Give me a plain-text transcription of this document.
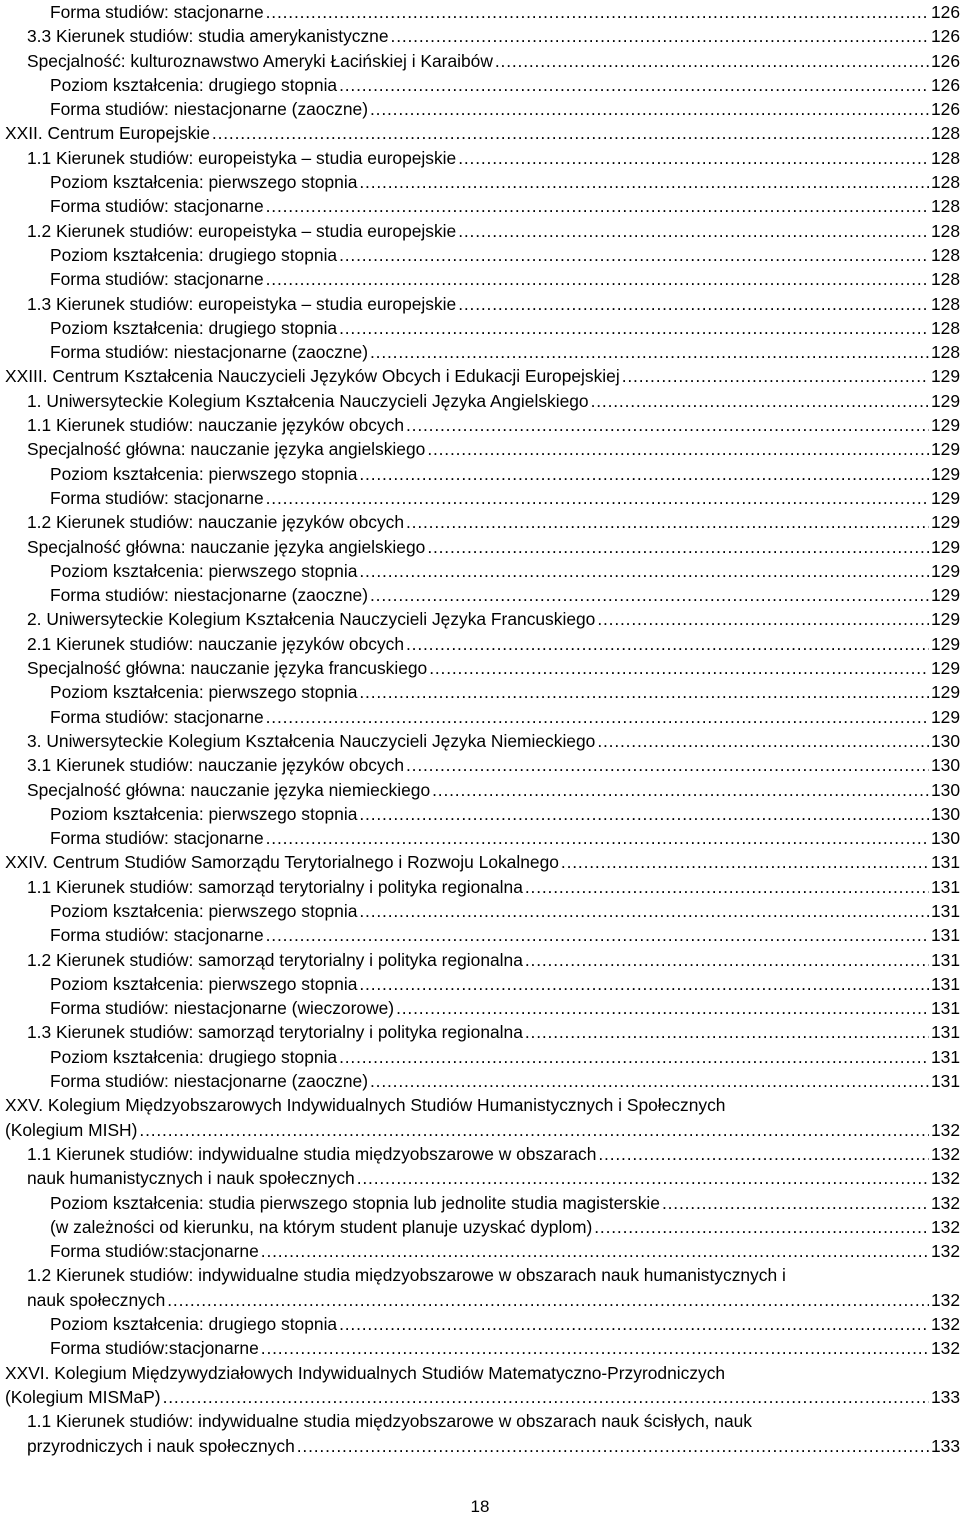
Forma studiów: stacjonarne . . .	126
3.3 Kierunek studiów: studia amerykanistyczne . . .	126
Specjalność: kulturoznawstwo Ameryki Łacińskiej i Karaibów . . .	126
Poziom kształcenia: drugiego stopnia . . .	126
Forma studiów: niestacjonarne (zaoczne) . . .	126
XXII. Centrum Europejskie . . .	128
1.1 Kierunek studiów: europeistyka – studia europejskie . . .	128
Poziom kształcenia: pierwszego stopnia . . .	128
Forma studiów: stacjonarne . . .	128
1.2 Kierunek studiów: europeistyka – studia europejskie . . .	128
Poziom kształcenia: drugiego stopnia . . .	128
Forma studiów: stacjonarne . . .	128
1.3 Kierunek studiów: europeistyka – studia europejskie . . .	128
Poziom kształcenia: drugiego stopnia . . .	128
Forma studiów: niestacjonarne (zaoczne) . . .	128
XXIII. Centrum Kształcenia Nauczycieli Języków Obcych i Edukacji Europejskiej . . .	129
1. Uniwersyteckie Kolegium Kształcenia Nauczycieli Języka Angielskiego . . .	129
1.1 Kierunek studiów: nauczanie języków obcych . . .	129
Specjalność główna: nauczanie języka angielskiego . . .	129
Poziom kształcenia: pierwszego stopnia . . .	129
Forma studiów: stacjonarne . . .	129
1.2 Kierunek studiów: nauczanie języków obcych . . .	129
Specjalność główna: nauczanie języka angielskiego . . .	129
Poziom kształcenia: pierwszego stopnia . . .	129
Forma studiów: niestacjonarne (zaoczne) . . .	129
2. Uniwersyteckie Kolegium Kształcenia Nauczycieli Języka Francuskiego . . .	129
2.1 Kierunek studiów: nauczanie języków obcych . . .	129
Specjalność główna: nauczanie języka francuskiego . . .	129
Poziom kształcenia: pierwszego stopnia . . .	129
Forma studiów: stacjonarne . . .	129
3. Uniwersyteckie Kolegium Kształcenia Nauczycieli Języka Niemieckiego . . .	130
3.1 Kierunek studiów: nauczanie języków obcych . . .	130
Specjalność główna: nauczanie języka niemieckiego . . .	130
Poziom kształcenia: pierwszego stopnia . . .	130
Forma studiów: stacjonarne . . .	130
XXIV. Centrum Studiów Samorządu Terytorialnego i Rozwoju Lokalnego . . .	131
1.1 Kierunek studiów: samorząd terytorialny i polityka regionalna . . .	131
Poziom kształcenia: pierwszego stopnia . . .	131
Forma studiów: stacjonarne . . .	131
1.2 Kierunek studiów: samorząd terytorialny i polityka regionalna . . .	131
Poziom kształcenia: pierwszego stopnia . . .	131
Forma studiów: niestacjonarne (wieczorowe) . . .	131
1.3 Kierunek studiów: samorząd terytorialny i polityka regionalna . . .	131
Poziom kształcenia: drugiego stopnia . . .	131
Forma studiów: niestacjonarne (zaoczne) . . .	131
XXV. Kolegium Międzyobszarowych Indywidualnych Studiów Humanistycznych i Społecznych
(Kolegium MISH) . . .	132
1.1 Kierunek studiów: indywidualne studia międzyobszarowe w obszarach . . .	132
nauk humanistycznych i nauk społecznych . . .	132
Poziom kształcenia: studia pierwszego stopnia lub jednolite studia magisterskie . . .	132
(w zależności od kierunku, na którym student planuje uzyskać dyplom) . . .	132
Forma studiów:stacjonarne . . .	132
1.2 Kierunek studiów: indywidualne studia międzyobszarowe w obszarach nauk humanistycznych i
nauk społecznych . . .	132
Poziom kształcenia: drugiego stopnia . . .	132
Forma studiów:stacjonarne . . .	132
XXVI. Kolegium Międzywydziałowych Indywidualnych Studiów Matematyczno-Przyrodniczych
(Kolegium MISMaP) . . .	133
1.1 Kierunek studiów: indywidualne studia międzyobszarowe w obszarach nauk ścisłych, nauk
przyrodniczych i nauk społecznych . . .	133
18
